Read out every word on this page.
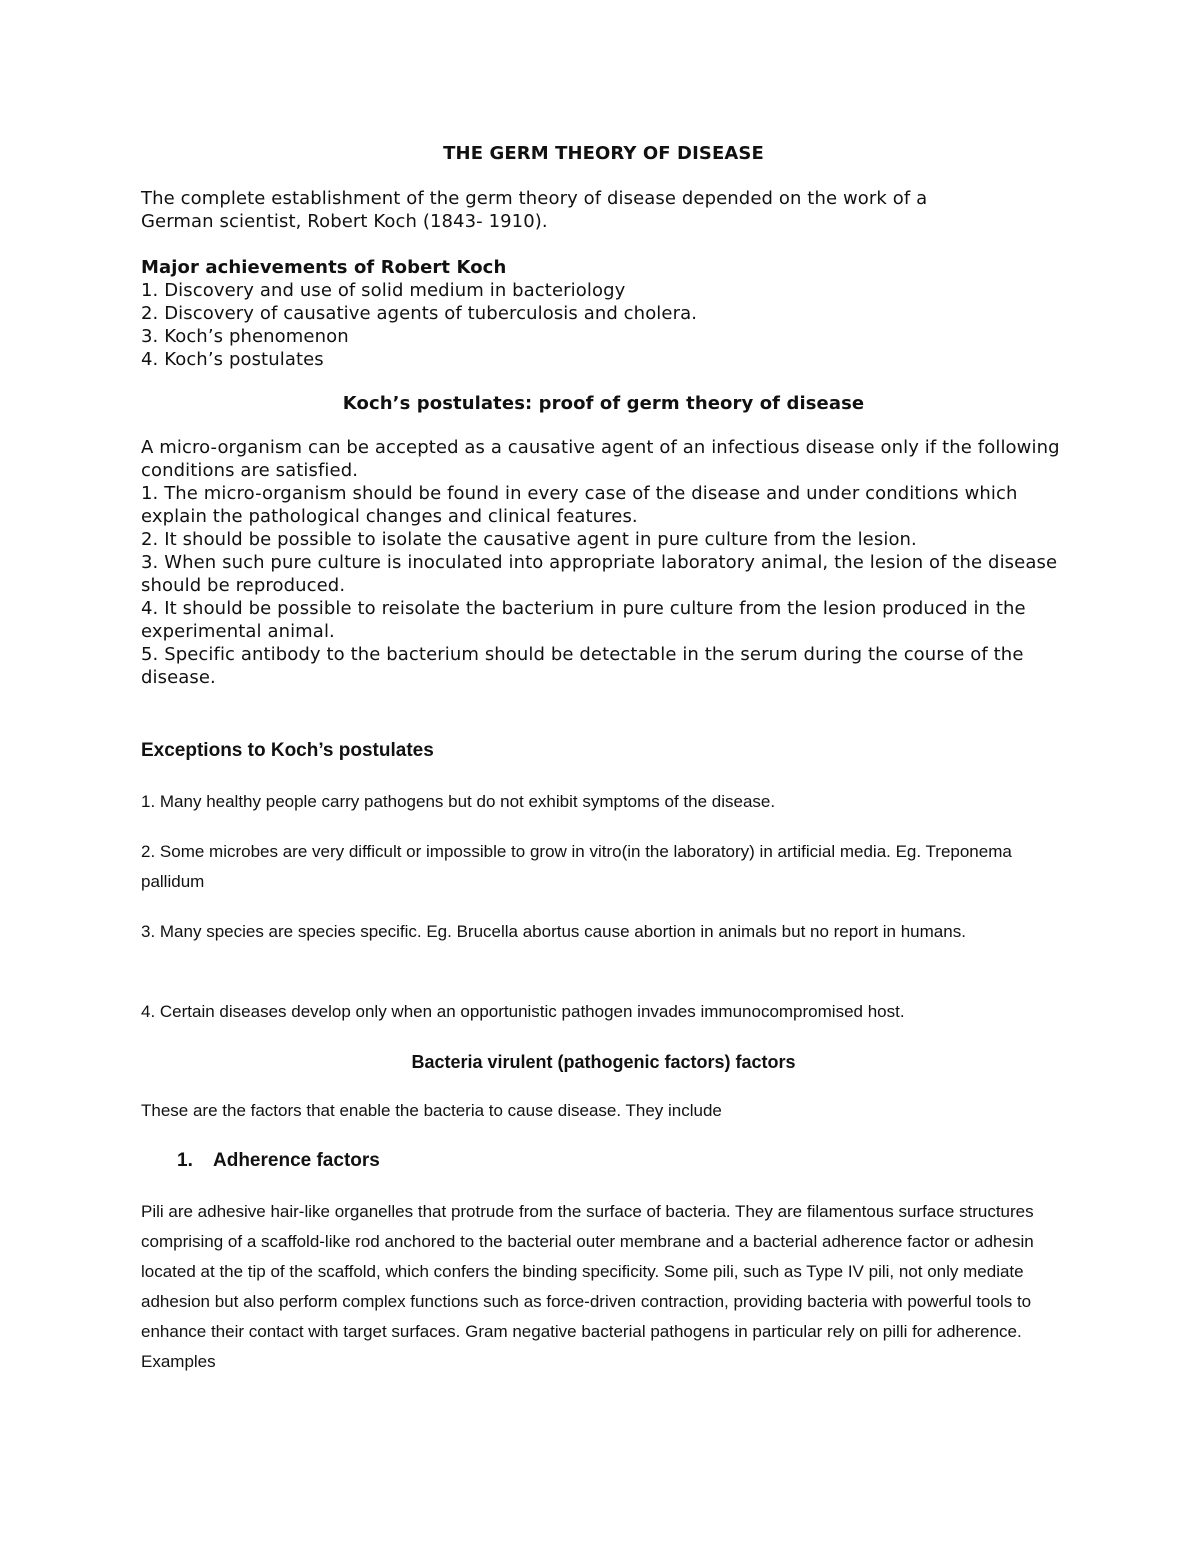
THE GERM THEORY OF DISEASE

The complete establishment of the germ theory of disease depended on the work of a German scientist, Robert Koch (1843- 1910).

Major achievements of Robert Koch
1. Discovery and use of solid medium in bacteriology
2. Discovery of causative agents of tuberculosis and cholera.
3. Koch’s phenomenon
4. Koch’s postulates

Koch’s postulates: proof of germ theory of disease

A micro-organism can be accepted as a causative agent of an infectious disease only if the following conditions are satisfied.
1. The micro-organism should be found in every case of the disease and under conditions which explain the pathological changes and clinical features.
2. It should be possible to isolate the causative agent in pure culture from the lesion.
3. When such pure culture is inoculated into appropriate laboratory animal, the lesion of the disease should be reproduced.
4. It should be possible to reisolate the bacterium in pure culture from the lesion produced in the experimental animal.
5. Specific antibody to the bacterium should be detectable in the serum during the course of the disease.

Exceptions to Koch’s postulates

1. Many healthy people carry pathogens but do not exhibit symptoms of the disease.

2. Some microbes are very difficult or impossible to grow in vitro(in the laboratory) in artificial media. Eg. Treponema pallidum

3. Many species are species specific. Eg. Brucella abortus cause abortion in animals but no report in humans.

4. Certain diseases develop only when an opportunistic pathogen invades immunocompromised host.

Bacteria virulent (pathogenic factors) factors

These are the factors that enable the bacteria to cause disease. They include

1. Adherence factors

Pili are adhesive hair-like organelles that protrude from the surface of bacteria. They are filamentous surface structures comprising of a scaffold-like rod anchored to the bacterial outer membrane and a bacterial adherence factor or adhesin located at the tip of the scaffold, which confers the binding specificity. Some pili, such as Type IV pili, not only mediate adhesion but also perform complex functions such as force-driven contraction, providing bacteria with powerful tools to enhance their contact with target surfaces. Gram negative bacterial pathogens in particular rely on pilli for adherence. Examples
